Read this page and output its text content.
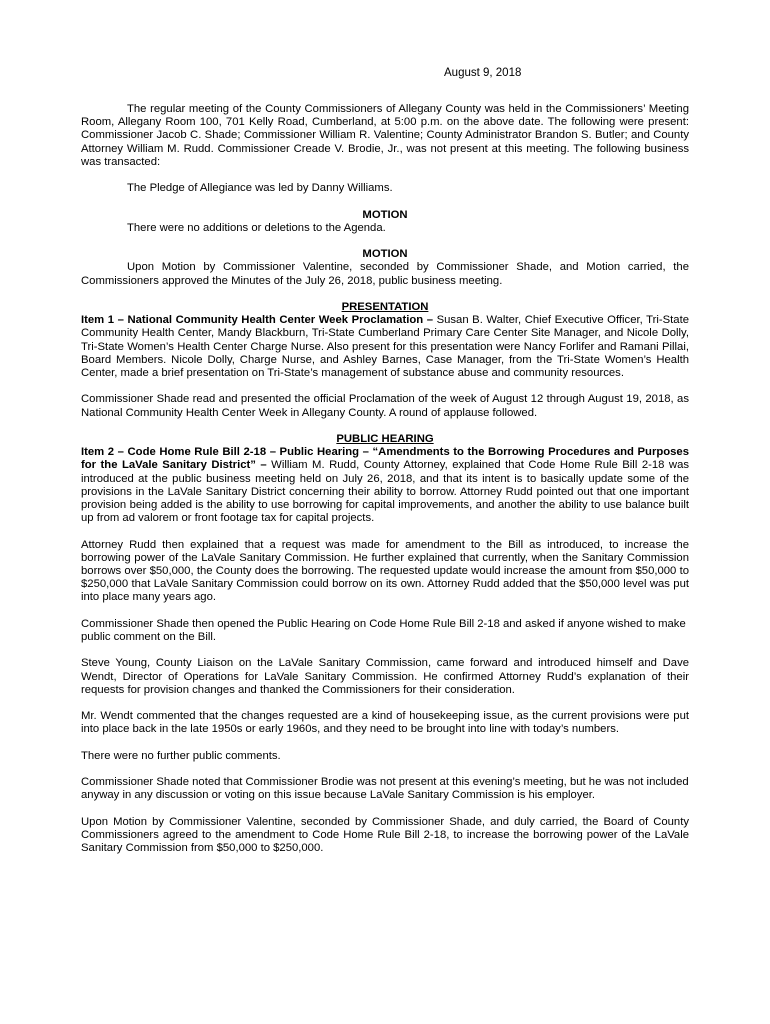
August 9, 2018

The regular meeting of the County Commissioners of Allegany County was held in the Commissioners’ Meeting Room, Allegany Room 100, 701 Kelly Road, Cumberland, at 5:00 p.m. on the above date. The following were present: Commissioner Jacob C. Shade; Commissioner William R. Valentine; County Administrator Brandon S. Butler; and County Attorney William M. Rudd. Commissioner Creade V. Brodie, Jr., was not present at this meeting. The following business was transacted:

The Pledge of Allegiance was led by Danny Williams.

MOTION

There were no additions or deletions to the Agenda.

MOTION

Upon Motion by Commissioner Valentine, seconded by Commissioner Shade, and Motion carried, the Commissioners approved the Minutes of the July 26, 2018, public business meeting.

PRESENTATION

Item 1 – National Community Health Center Week Proclamation – Susan B. Walter, Chief Executive Officer, Tri-State Community Health Center, Mandy Blackburn, Tri-State Cumberland Primary Care Center Site Manager, and Nicole Dolly, Tri-State Women’s Health Center Charge Nurse. Also present for this presentation were Nancy Forlifer and Ramani Pillai, Board Members. Nicole Dolly, Charge Nurse, and Ashley Barnes, Case Manager, from the Tri-State Women’s Health Center, made a brief presentation on Tri-State’s management of substance abuse and community resources.

Commissioner Shade read and presented the official Proclamation of the week of August 12 through August 19, 2018, as National Community Health Center Week in Allegany County. A round of applause followed.

PUBLIC HEARING

Item 2 – Code Home Rule Bill 2-18 – Public Hearing – “Amendments to the Borrowing Procedures and Purposes for the LaVale Sanitary District” – William M. Rudd, County Attorney, explained that Code Home Rule Bill 2-18 was introduced at the public business meeting held on July 26, 2018, and that its intent is to basically update some of the provisions in the LaVale Sanitary District concerning their ability to borrow. Attorney Rudd pointed out that one important provision being added is the ability to use borrowing for capital improvements, and another the ability to use balance built up from ad valorem or front footage tax for capital projects.

Attorney Rudd then explained that a request was made for amendment to the Bill as introduced, to increase the borrowing power of the LaVale Sanitary Commission. He further explained that currently, when the Sanitary Commission borrows over $50,000, the County does the borrowing. The requested update would increase the amount from $50,000 to $250,000 that LaVale Sanitary Commission could borrow on its own. Attorney Rudd added that the $50,000 level was put into place many years ago.

Commissioner Shade then opened the Public Hearing on Code Home Rule Bill 2-18 and asked if anyone wished to make public comment on the Bill.

Steve Young, County Liaison on the LaVale Sanitary Commission, came forward and introduced himself and Dave Wendt, Director of Operations for LaVale Sanitary Commission. He confirmed Attorney Rudd’s explanation of their requests for provision changes and thanked the Commissioners for their consideration.

Mr. Wendt commented that the changes requested are a kind of housekeeping issue, as the current provisions were put into place back in the late 1950s or early 1960s, and they need to be brought into line with today’s numbers.

There were no further public comments.

Commissioner Shade noted that Commissioner Brodie was not present at this evening’s meeting, but he was not included anyway in any discussion or voting on this issue because LaVale Sanitary Commission is his employer.

Upon Motion by Commissioner Valentine, seconded by Commissioner Shade, and duly carried, the Board of County Commissioners agreed to the amendment to Code Home Rule Bill 2-18, to increase the borrowing power of the LaVale Sanitary Commission from $50,000 to $250,000.
